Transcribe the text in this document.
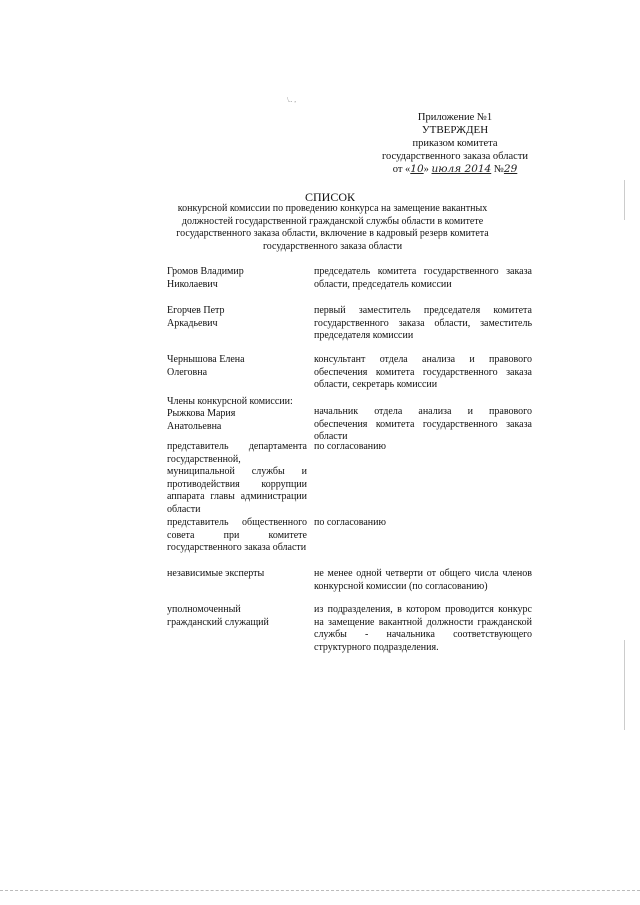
\.. ,
Приложение №1
УТВЕРЖДЕН
приказом комитета
государственного заказа области
от «10» июля 2014 №29
СПИСОК
конкурсной комиссии по проведению конкурса на замещение вакантных должностей государственной гражданской службы области в комитете государственного заказа области, включение в кадровый резерв комитета государственного заказа области
Громов Владимир Николаевич
председатель комитета государственного заказа области, председатель комиссии
Егорчев Петр Аркадьевич
первый заместитель председателя комитета государственного заказа области, заместитель председателя комиссии
Чернышова Елена Олеговна
консультант отдела анализа и правового обеспечения комитета государственного заказа области, секретарь комиссии
Члены конкурсной комиссии:
Рыжкова Мария Анатольевна
начальник отдела анализа и правового обеспечения комитета государственного заказа области
представитель департамента государственной, муниципальной службы и противодействия коррупции аппарата главы администрации области
по согласованию
представитель общественного совета при комитете государственного заказа области
по согласованию
независимые эксперты	не менее одной четверти от общего числа членов конкурсной комиссии (по согласованию)
уполномоченный гражданский служащий
из подразделения, в котором проводится конкурс на замещение вакантной должности гражданской службы - начальника соответствующего структурного подразделения.
